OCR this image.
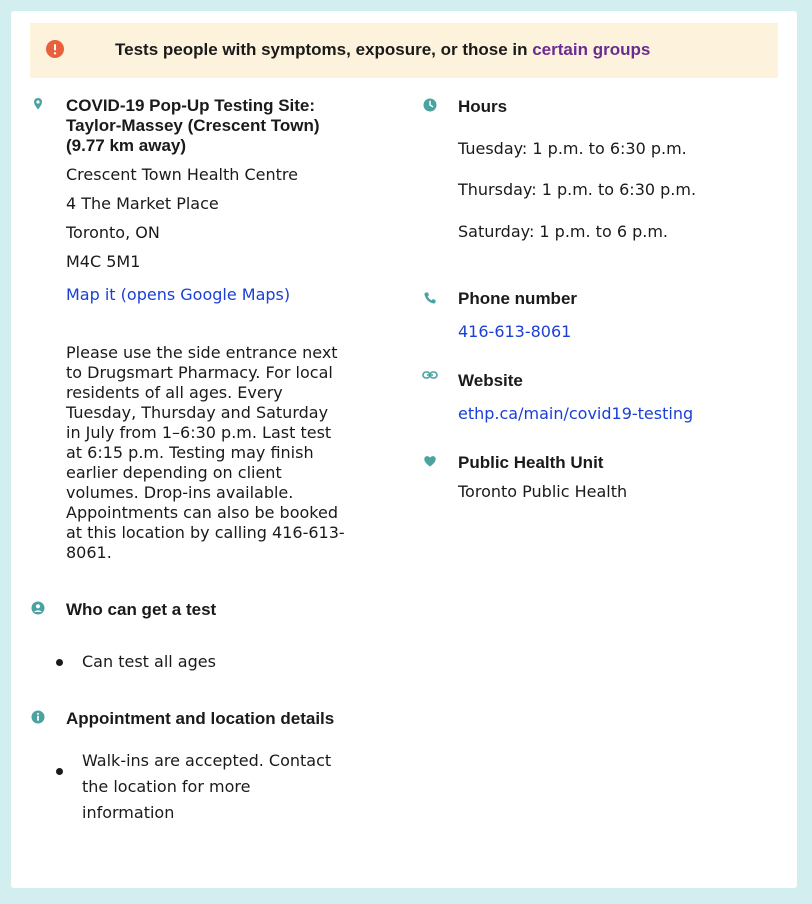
Tests people with symptoms, exposure, or those in certain groups
COVID-19 Pop-Up Testing Site:
Taylor-Massey (Crescent Town)
(9.77 km away)
Crescent Town Health Centre
4 The Market Place
Toronto, ON
M4C 5M1
Map it (opens Google Maps)
Please use the side entrance next
to Drugsmart Pharmacy. For local
residents of all ages. Every
Tuesday, Thursday and Saturday
in July from 1–6:30 p.m. Last test
at 6:15 p.m. Testing may finish
earlier depending on client
volumes. Drop-ins available.
Appointments can also be booked
at this location by calling 416-613-
8061.
Who can get a test
Can test all ages
Appointment and location details
Walk-ins are accepted. Contact
the location for more
information
Hours
Tuesday: 1 p.m. to 6:30 p.m.
Thursday: 1 p.m. to 6:30 p.m.
Saturday: 1 p.m. to 6 p.m.
Phone number
416-613-8061
Website
ethp.ca/main/covid19-testing
Public Health Unit
Toronto Public Health
